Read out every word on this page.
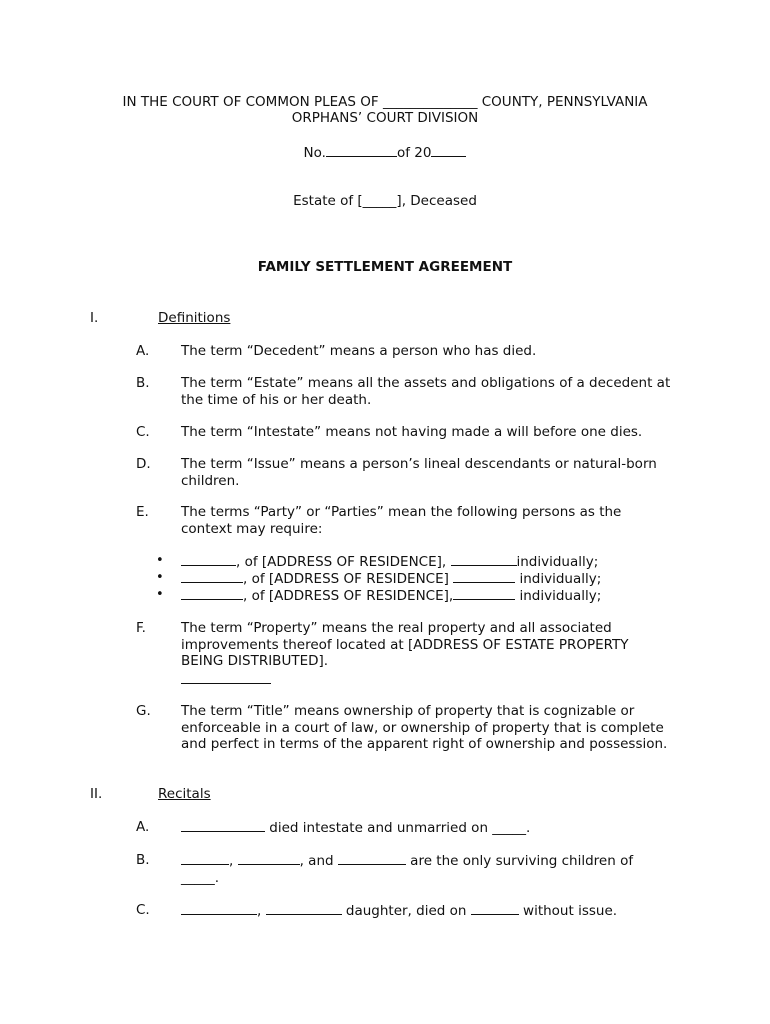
IN THE COURT OF COMMON PLEAS OF ______________ COUNTY, PENNSYLVANIA
ORPHANS’ COURT DIVISION
No.	of 20
Estate of [_____], Deceased
FAMILY SETTLEMENT AGREEMENT
I.	Definitions
A. The term “Decedent” means a person who has died.
B. The term “Estate” means all the assets and obligations of a decedent at the time of his or her death.
C. The term “Intestate” means not having made a will before one dies.
D. The term “Issue” means a person’s lineal descendants or natural-born children.
E. The terms “Party” or “Parties” mean the following persons as the context may require:
•	, of [ADDRESS OF RESIDENCE],	individually;
•	, of [ADDRESS OF RESIDENCE]	individually;
•	, of [ADDRESS OF RESIDENCE],	individually;
F.	The term “Property” means the real property and all associated improvements thereof located at [ADDRESS OF ESTATE PROPERTY BEING DISTRIBUTED].
G. The term “Title” means ownership of property that is cognizable or enforceable in a court of law, or ownership of property that is complete and perfect in terms of the apparent right of ownership and possession.
II.	Recitals
A.	died intestate and unmarried on _____.
B.	,	, and	are the only surviving children of _____.
C.	,	daughter, died on	without issue.
